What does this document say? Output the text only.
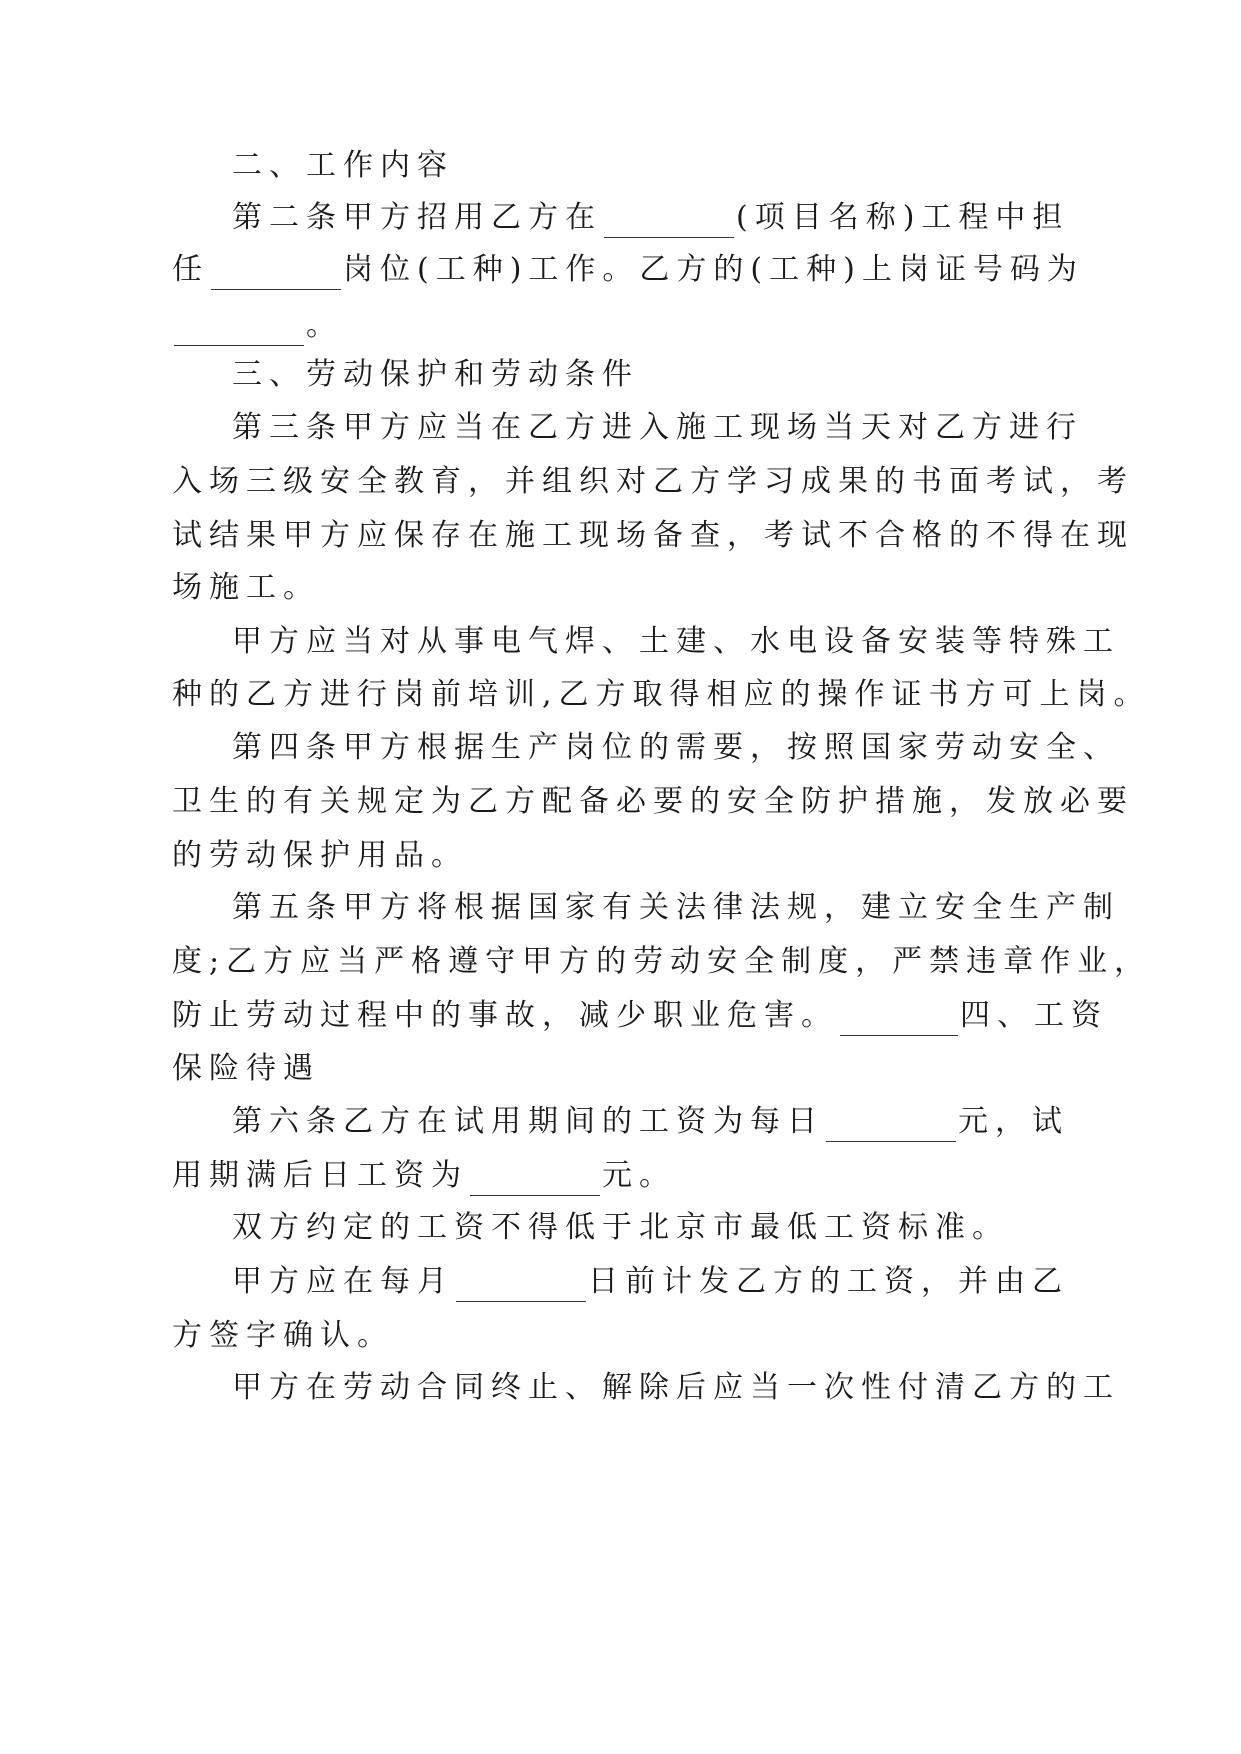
二、工作内容
第二条甲方招用乙方在	(项目名称)工程中担
任	岗位(工种)工作。乙方的(工种)上岗证号码为
。
三、劳动保护和劳动条件
第三条甲方应当在乙方进入施工现场当天对乙方进行
入场三级安全教育，并组织对乙方学习成果的书面考试，考
试结果甲方应保存在施工现场备查，考试不合格的不得在现
场施工。
甲方应当对从事电气焊、土建、水电设备安装等特殊工
种的乙方进行岗前培训,乙方取得相应的操作证书方可上岗。
第四条甲方根据生产岗位的需要，按照国家劳动安全、
卫生的有关规定为乙方配备必要的安全防护措施，发放必要
的劳动保护用品。
第五条甲方将根据国家有关法律法规，建立安全生产制
度;乙方应当严格遵守甲方的劳动安全制度，严禁违章作业，
防止劳动过程中的事故，减少职业危害。	四、工资
保险待遇
第六条乙方在试用期间的工资为每日	元，试
用期满后日工资为	元。
双方约定的工资不得低于北京市最低工资标准。
甲方应在每月	日前计发乙方的工资，并由乙
方签字确认。
甲方在劳动合同终止、解除后应当一次性付清乙方的工
